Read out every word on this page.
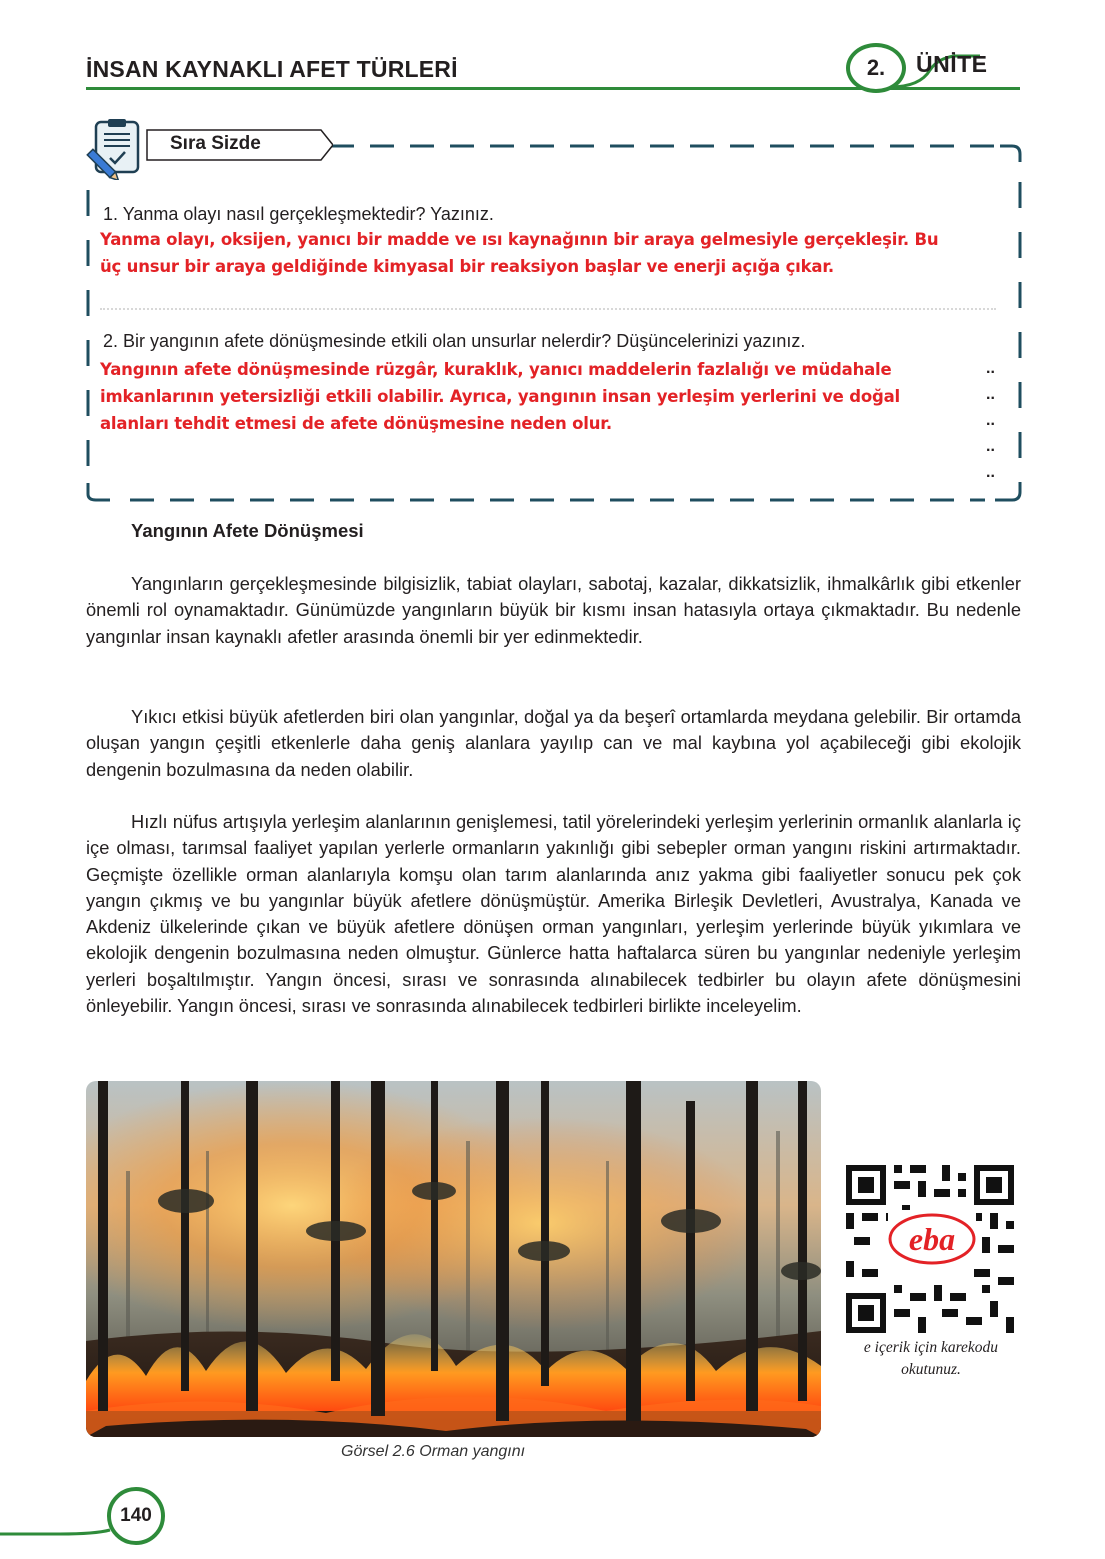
İNSAN KAYNAKLI AFET TÜRLERİ	2.	ÜNİTE
Sıra Sizde
1. Yanma olayı nasıl gerçekleşmektedir? Yazınız.
Yanma olayı, oksijen, yanıcı bir madde ve ısı kaynağının bir araya gelmesiyle gerçekleşir. Bu
üç unsur bir araya geldiğinde kimyasal bir reaksiyon başlar ve enerji açığa çıkar.
2. Bir yangının afete dönüşmesinde etkili olan unsurlar nelerdir? Düşüncelerinizi yazınız.
Yangının afete dönüşmesinde rüzgâr, kuraklık, yanıcı maddelerin fazlalığı ve müdahale
imkanlarının yetersizliği etkili olabilir. Ayrıca, yangının insan yerleşim yerlerini ve doğal
alanları tehdit etmesi de afete dönüşmesine neden olur.
..
..
..
..
..
Yangının Afete Dönüşmesi
Yangınların gerçekleşmesinde bilgisizlik, tabiat olayları, sabotaj, kazalar, dikkatsizlik, ihmalkârlık gibi etkenler önemli rol oynamaktadır. Günümüzde yangınların büyük bir kısmı insan hatasıyla ortaya çıkmaktadır. Bu nedenle yangınlar insan kaynaklı afetler arasında önemli bir yer edinmektedir.
Yıkıcı etkisi büyük afetlerden biri olan yangınlar, doğal ya da beşerî ortamlarda meydana gelebilir. Bir ortamda oluşan yangın çeşitli etkenlerle daha geniş alanlara yayılıp can ve mal kaybına yol açabileceği gibi ekolojik dengenin bozulmasına da neden olabilir.
Hızlı nüfus artışıyla yerleşim alanlarının genişlemesi, tatil yörelerindeki yerleşim yerlerinin ormanlık alanlarla iç içe olması, tarımsal faaliyet yapılan yerlerle ormanların yakınlığı gibi sebepler orman yangını riskini artırmaktadır. Geçmişte özellikle orman alanlarıyla komşu olan tarım alanlarında anız yakma gibi faaliyetler sonucu pek çok yangın çıkmış ve bu yangınlar büyük afetlere dönüşmüştür. Amerika Birleşik Devletleri, Avustralya, Kanada ve Akdeniz ülkelerinde çıkan ve büyük afetlere dönüşen orman yangınları, yerleşim yerlerinde büyük yıkımlara ve ekolojik dengenin bozulmasına neden olmuştur. Günlerce hatta haftalarca süren bu yangınlar nedeniyle yerleşim yerleri boşaltılmıştır. Yangın öncesi, sırası ve sonrasında alınabilecek tedbirler bu olayın afete dönüşmesini önleyebilir. Yangın öncesi, sırası ve sonrasında alınabilecek tedbirleri birlikte inceleyelim.
Görsel 2.6 Orman yangını
eba
e içerik için karekodu
okutunuz.
140
